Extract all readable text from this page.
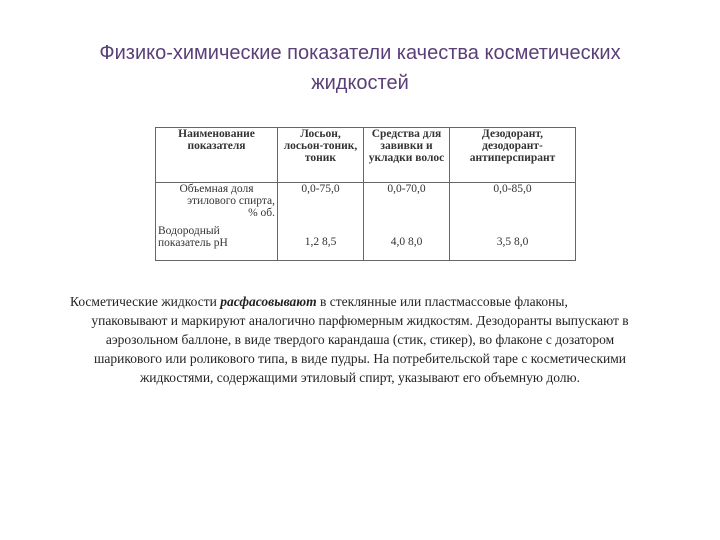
Физико-химические показатели качества косметических
жидкостей
Наименование показателя	Лосьон, лосьон-тоник, тоник	Средства для завивки и укладки волос	Дезодорант, дезодорант-антиперспирант

Объемная доля
этилового спирта,
% об.	0,0-75,0	0,0-70,0	0,0-85,0

Водородный
показатель pH	1,2 8,5	4,0 8,0	3,5 8,0
Косметические жидкости расфасовывают в стеклянные или пластмассовые флаконы,
упаковывают и маркируют аналогично парфюмерным жидкостям. Дезодоранты выпускают в
аэрозольном баллоне, в виде твердого карандаша (стик, стикер), во флаконе с дозатором
шарикового или роликового типа, в виде пудры. На потребительской таре с косметическими
жидкостями, содержащими этиловый спирт, указывают его объемную долю.
